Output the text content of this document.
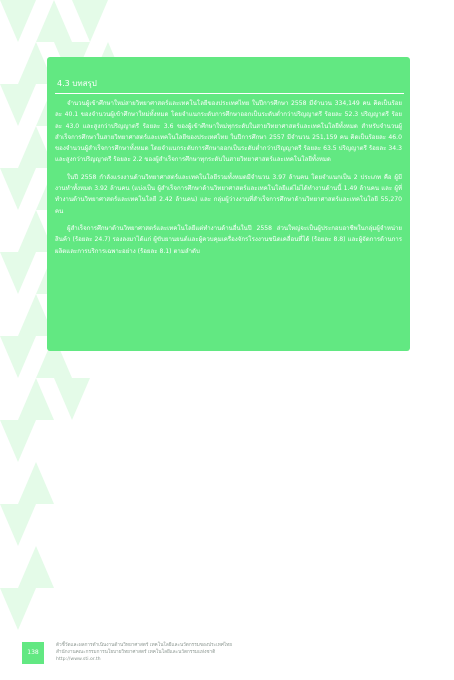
4.3 บทสรุป

จำนวนผู้เข้าศึกษาใหม่สายวิทยาศาสตร์และเทคโนโลยีของประเทศไทย ในปีการศึกษา 2558 มีจำนวน 334,149 คน คิดเป็นร้อยละ 40.1 ของจำนวนผู้เข้าศึกษาใหม่ทั้งหมด โดยจำแนกระดับการศึกษาออกเป็นระดับต่ำกว่าปริญญาตรี ร้อยละ 52.3 ปริญญาตรี ร้อยละ 43.0 และสูงกว่าปริญญาตรี ร้อยละ 3.6 ของผู้เข้าศึกษาใหม่ทุกระดับในสายวิทยาศาสตร์และเทคโนโลยีทั้งหมด สำหรับจำนวนผู้สำเร็จการศึกษาในสายวิทยาศาสตร์และเทคโนโลยีของประเทศไทย ในปีการศึกษา 2557 มีจำนวน 251,159 คน คิดเป็นร้อยละ 46.0 ของจำนวนผู้สำเร็จการศึกษาทั้งหมด โดยจำแนกระดับการศึกษาออกเป็นระดับต่ำกว่าปริญญาตรี ร้อยละ 63.5 ปริญญาตรี ร้อยละ 34.3 และสูงกว่าปริญญาตรี ร้อยละ 2.2 ของผู้สำเร็จการศึกษาทุกระดับในสายวิทยาศาสตร์และเทคโนโลยีทั้งหมด

ในปี 2558 กำลังแรงงานด้านวิทยาศาสตร์และเทคโนโลยีรวมทั้งหมดมีจำนวน 3.97 ล้านคน โดยจำแนกเป็น 2 ประเภท คือ ผู้มีงานทำทั้งหมด 3.92 ล้านคน (แบ่งเป็น ผู้สำเร็จการศึกษาด้านวิทยาศาสตร์และเทคโนโลยีแต่ไม่ได้ทำงานด้านนี้ 1.49 ล้านคน และ ผู้ที่ทำงานด้านวิทยาศาสตร์และเทคโนโลยี 2.42 ล้านคน) และ กลุ่มผู้ว่างงานที่สำเร็จการศึกษาด้านวิทยาศาสตร์และเทคโนโลยี 55,270 คน

ผู้สำเร็จการศึกษาด้านวิทยาศาสตร์และเทคโนโลยีแต่ทำงานด้านอื่นในปี 2558 ส่วนใหญ่จะเป็นผู้ประกอบอาชีพในกลุ่มผู้จำหน่ายสินค้า (ร้อยละ 24.7) รองลงมาได้แก่ ผู้ขับยานยนต์และผู้ควบคุมเครื่องจักรโรงงานชนิดเคลื่อนที่ได้ (ร้อยละ 8.8) และผู้จัดการด้านการผลิตและการบริการเฉพาะอย่าง (ร้อยละ 8.1) ตามลำดับ

138
ตัวชี้วัดและผลการดำเนินงานด้านวิทยาศาสตร์ เทคโนโลยีและนวัตกรรมของประเทศไทย
สำนักงานคณะกรรมการนโยบายวิทยาศาสตร์ เทคโนโลยีและนวัตกรรมแห่งชาติ
http://www.sti.or.th
